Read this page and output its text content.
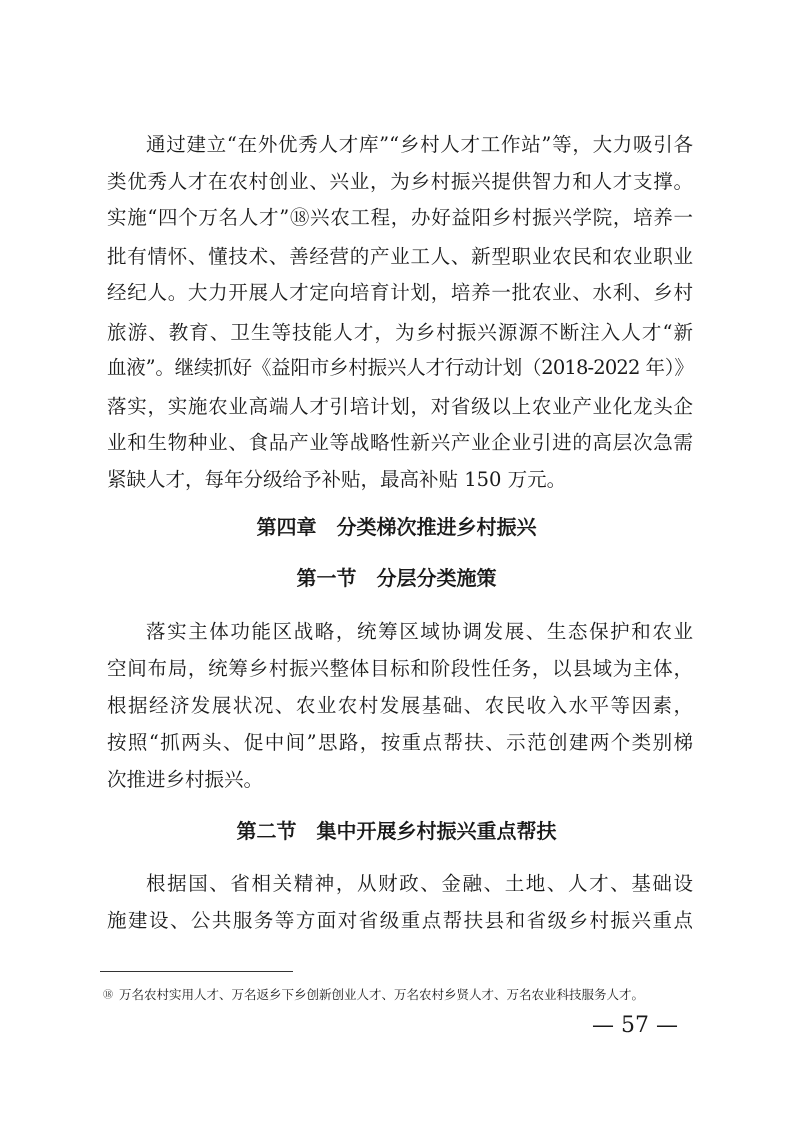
通过建立“在外优秀人才库”“乡村人才工作站”等，大力吸引各
类优秀人才在农村创业、兴业，为乡村振兴提供智力和人才支撑。
实施“四个万名人才”⑱兴农工程，办好益阳乡村振兴学院，培养一
批有情怀、懂技术、善经营的产业工人、新型职业农民和农业职业
经纪人。大力开展人才定向培育计划，培养一批农业、水利、乡村
旅游、教育、卫生等技能人才，为乡村振兴源源不断注入人才“新
血液”。继续抓好《益阳市乡村振兴人才行动计划（2018-2022 年）》
落实，实施农业高端人才引培计划，对省级以上农业产业化龙头企
业和生物种业、食品产业等战略性新兴产业企业引进的高层次急需
紧缺人才，每年分级给予补贴，最高补贴 150 万元。
第四章　分类梯次推进乡村振兴
第一节　分层分类施策
落实主体功能区战略，统筹区域协调发展、生态保护和农业
空间布局，统筹乡村振兴整体目标和阶段性任务，以县域为主体，
根据经济发展状况、农业农村发展基础、农民收入水平等因素，
按照“抓两头、促中间”思路，按重点帮扶、示范创建两个类别梯
次推进乡村振兴。
第二节　集中开展乡村振兴重点帮扶
根据国、省相关精神，从财政、金融、土地、人才、基础设
施建设、公共服务等方面对省级重点帮扶县和省级乡村振兴重点
⑱ 万名农村实用人才、万名返乡下乡创新创业人才、万名农村乡贤人才、万名农业科技服务人才。
— 57 —
